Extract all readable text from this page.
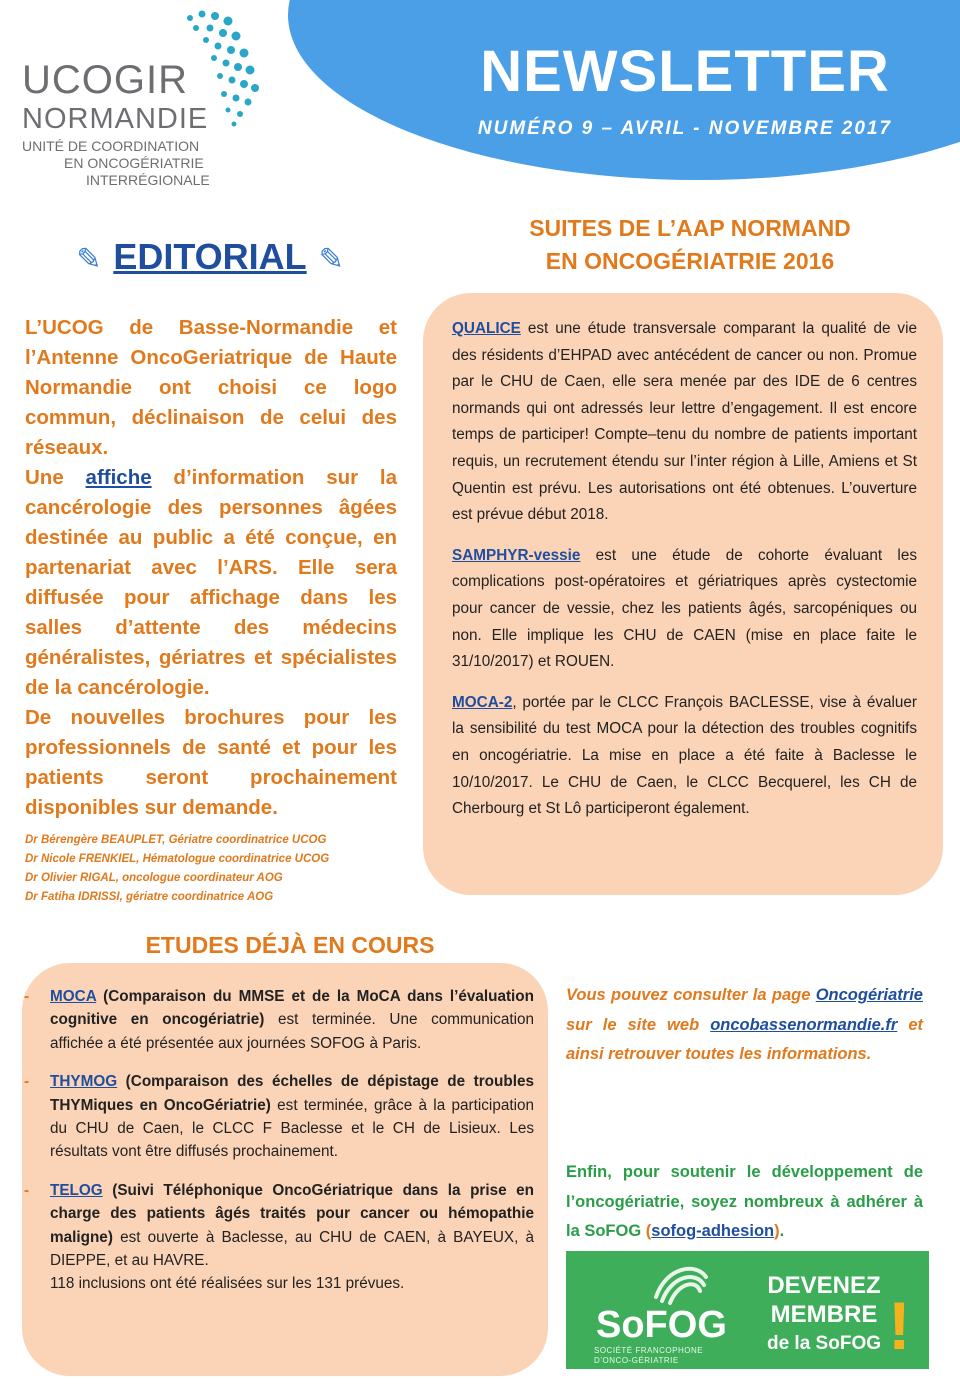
NEWSLETTER
NUMÉRO 9 – AVRIL - NOVEMBRE 2017
UCOGIR
NORMANDIE
UNITÉ DE COORDINATION
EN ONCOGÉRIATRIE
INTERRÉGIONALE
✎ EDITORIAL ✎

L’UCOG de Basse-Normandie et l’Antenne OncoGeriatrique de Haute Normandie ont choisi ce logo commun, déclinaison de celui des réseaux.

Une affiche d’information sur la cancérologie des personnes âgées destinée au public a été conçue, en partenariat avec l’ARS. Elle sera diffusée pour affichage dans les salles d’attente des médecins généralistes, gériatres et spécialistes de la cancérologie.

De nouvelles brochures pour les professionnels de santé et pour les patients seront prochainement disponibles sur demande.

Dr Bérengère BEAUPLET, Gériatre coordinatrice UCOG
Dr Nicole FRENKIEL, Hématologue coordinatrice UCOG
Dr Olivier RIGAL, oncologue coordinateur AOG
Dr Fatiha IDRISSI, gériatre coordinatrice AOG
SUITES DE L’AAP NORMAND
EN ONCOGÉRIATRIE 2016

QUALICE est une étude transversale comparant la qualité de vie des résidents d’EHPAD avec antécédent de cancer ou non. Promue par le CHU de Caen, elle sera menée par des IDE de 6 centres normands qui ont adressés leur lettre d’engagement. Il est encore temps de participer! Compte–tenu du nombre de patients important requis, un recrutement étendu sur l’inter région à Lille, Amiens et St Quentin est prévu. Les autorisations ont été obtenues. L’ouverture est prévue début 2018.

SAMPHYR-vessie est une étude de cohorte évaluant les complications post-opératoires et gériatriques après cystectomie pour cancer de vessie, chez les patients âgés, sarcopéniques ou non. Elle implique les CHU de CAEN (mise en place faite le 31/10/2017) et ROUEN.

MOCA-2, portée par le CLCC François BACLESSE, vise à évaluer la sensibilité du test MOCA pour la détection des troubles cognitifs en oncogériatrie. La mise en place a été faite à Baclesse le 10/10/2017. Le CHU de Caen, le CLCC Becquerel, les CH de Cherbourg et St Lô participeront également.

ETUDES DÉJÀ EN COURS
- MOCA (Comparaison du MMSE et de la MoCA dans l’évaluation cognitive en oncogériatrie) est terminée. Une communication affichée a été présentée aux journées SOFOG à Paris.
- THYMOG (Comparaison des échelles de dépistage de troubles THYMiques en OncoGériatrie) est terminée, grâce à la participation du CHU de Caen, le CLCC F Baclesse et le CH de Lisieux. Les résultats vont être diffusés prochainement.
- TELOG (Suivi Téléphonique OncoGériatrique dans la prise en charge des patients âgés traités pour cancer ou hémopathie maligne) est ouverte à Baclesse, au CHU de CAEN, à BAYEUX, à DIEPPE, et au HAVRE.
118 inclusions ont été réalisées sur les 131 prévues.
Vous pouvez consulter la page Oncogériatrie sur le site web oncobassenormandie.fr et ainsi retrouver toutes les informations.
Enfin, pour soutenir le développement de l’oncogériatrie, soyez nombreux à adhérer à la SoFOG (sofog-adhesion).
SoFOG
SOCIÉTÉ FRANCOPHONE
D’ONCO-GÉRIATRIE
DEVENEZ
MEMBRE
de la SoFOG !
